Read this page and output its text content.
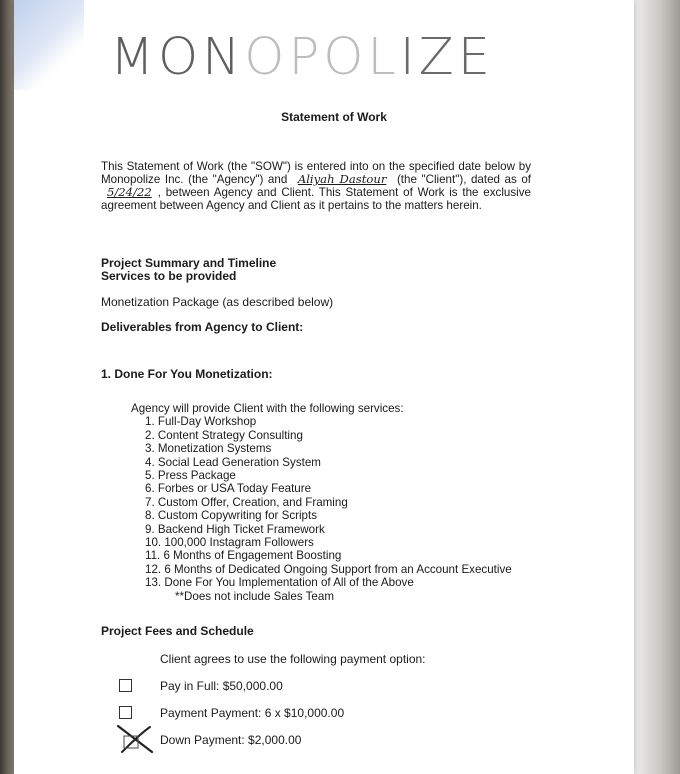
MON OPOL IZE
Statement of Work
This Statement of Work (the "SOW") is entered into on the specified date below by Monopolize Inc. (the "Agency") and Aliyah Dastour (the "Client"), dated as of 5/24/22 , between Agency and Client. This Statement of Work is the exclusive agreement between Agency and Client as it pertains to the matters herein.
Project Summary and Timeline
Services to be provided
Monetization Package (as described below)
Deliverables from Agency to Client:
1. Done For You Monetization:
Agency will provide Client with the following services:
1. Full-Day Workshop
2. Content Strategy Consulting
3. Monetization Systems
4. Social Lead Generation System
5. Press Package
6. Forbes or USA Today Feature
7. Custom Offer, Creation, and Framing
8. Custom Copywriting for Scripts
9. Backend High Ticket Framework
10. 100,000 Instagram Followers
11. 6 Months of Engagement Boosting
12. 6 Months of Dedicated Ongoing Support from an Account Executive
13. Done For You Implementation of All of the Above
**Does not include Sales Team
Project Fees and Schedule
Client agrees to use the following payment option:
Pay in Full: $50,000.00
Payment Payment: 6 x $10,000.00
Down Payment: $2,000.00
